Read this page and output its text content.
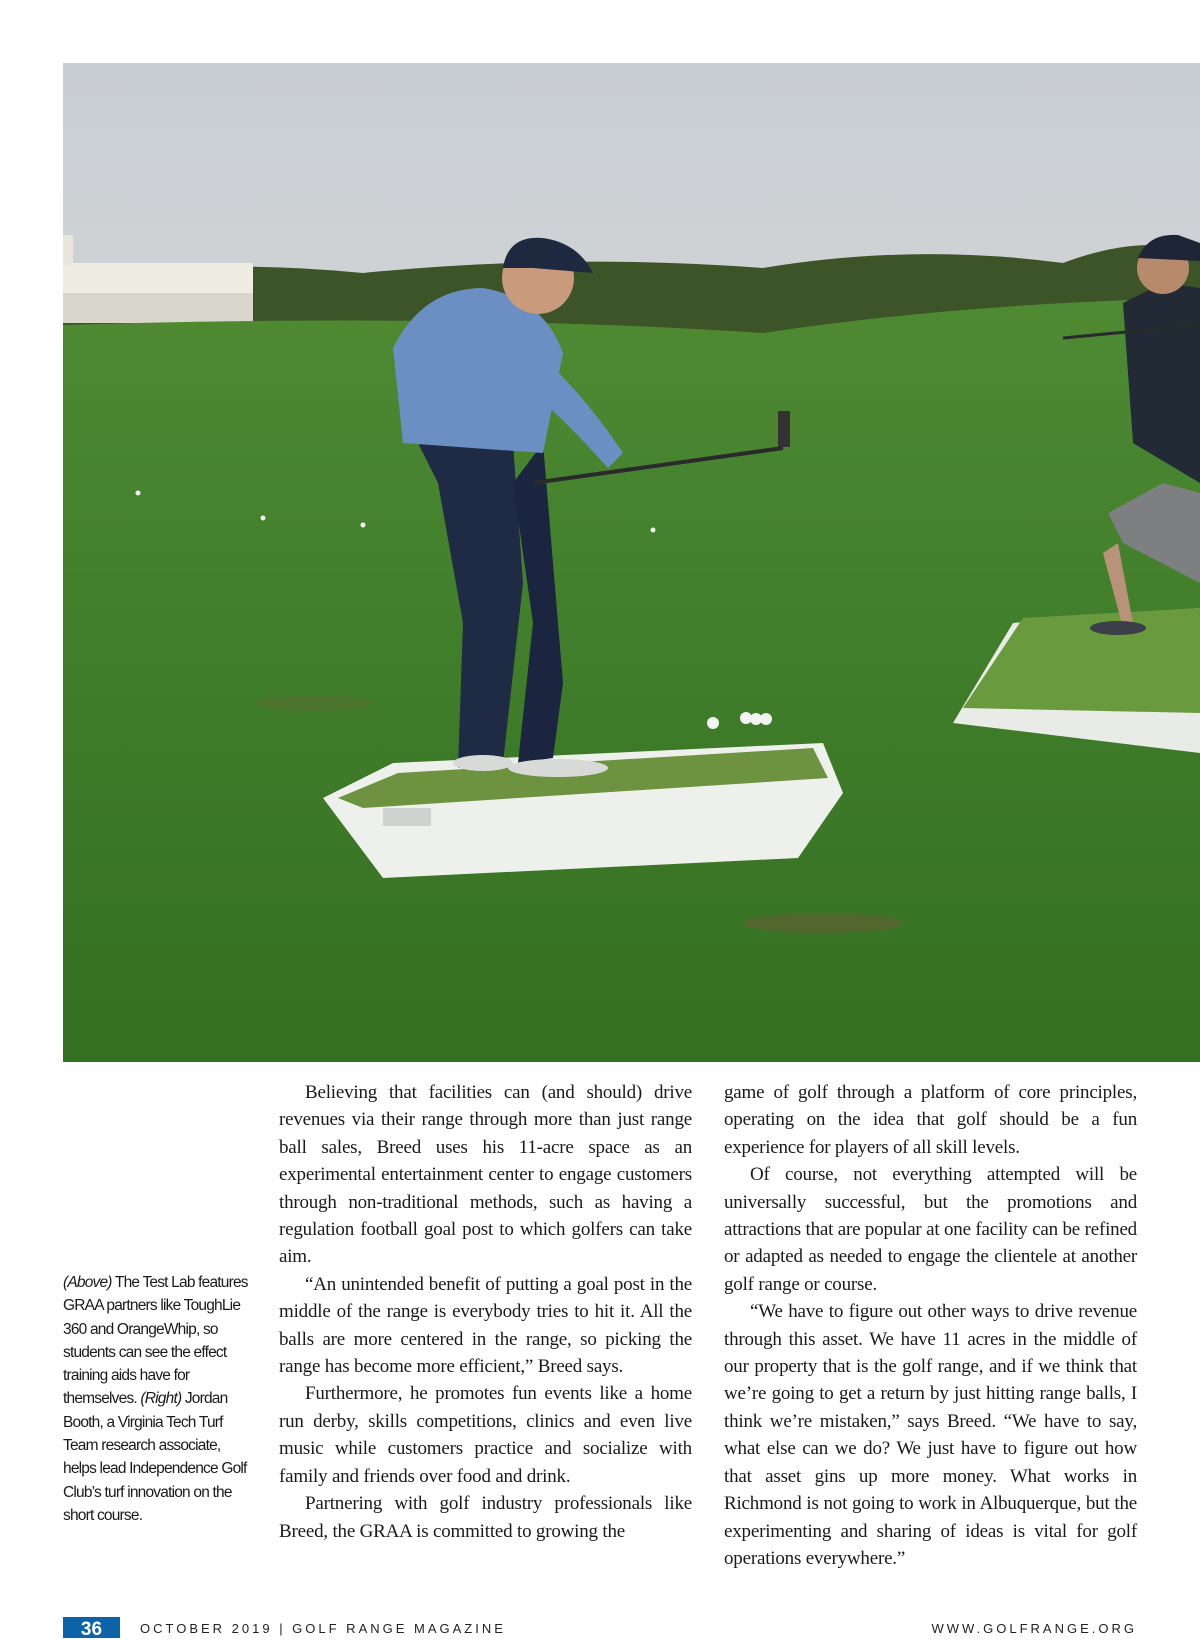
(Above) The Test Lab features GRAA partners like ToughLie 360 and OrangeWhip, so students can see the effect training aids have for themselves. (Right) Jordan Booth, a Virginia Tech Turf Team research associate, helps lead Independence Golf Club’s turf innovation on the short course.

Believing that facilities can (and should) drive revenues via their range through more than just range ball sales, Breed uses his 11-acre space as an experimental entertainment center to engage customers through non-traditional methods, such as having a regulation football goal post to which golfers can take aim.

“An unintended benefit of putting a goal post in the middle of the range is everybody tries to hit it. All the balls are more centered in the range, so picking the range has become more efficient,” Breed says.

Furthermore, he promotes fun events like a home run derby, skills competitions, clinics and even live music while customers practice and socialize with family and friends over food and drink.

Partnering with golf industry professionals like Breed, the GRAA is committed to growing the

game of golf through a platform of core principles, operating on the idea that golf should be a fun experience for players of all skill levels.

Of course, not everything attempted will be universally successful, but the promotions and attractions that are popular at one facility can be refined or adapted as needed to engage the clientele at another golf range or course.

“We have to figure out other ways to drive revenue through this asset. We have 11 acres in the middle of our property that is the golf range, and if we think that we’re going to get a return by just hitting range balls, I think we’re mistaken,” says Breed. “We have to say, what else can we do? We just have to figure out how that asset gins up more money. What works in Richmond is not going to work in Albuquerque, but the experimenting and sharing of ideas is vital for golf operations everywhere.”

36	OCTOBER 2019 | GOLF RANGE MAGAZINE	WWW.GOLFRANGE.ORG
